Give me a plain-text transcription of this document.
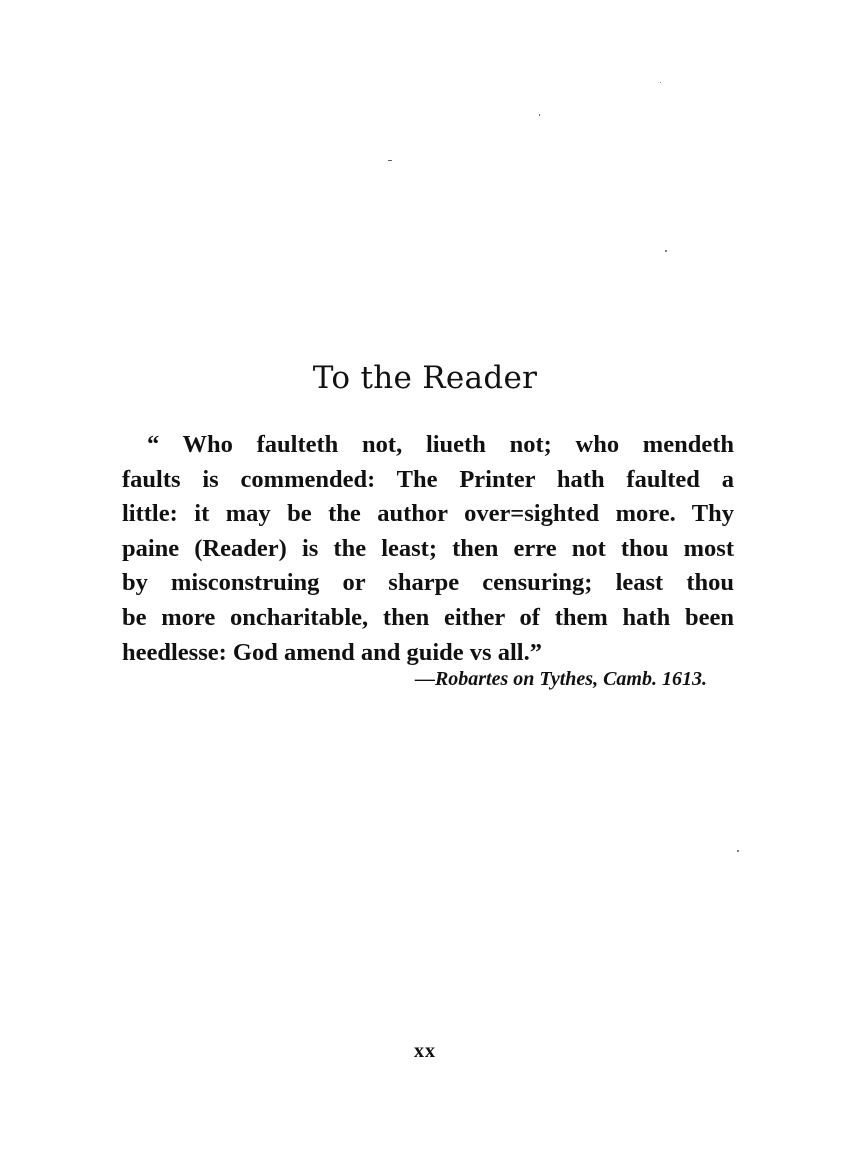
To the Reader
“ Who faulteth not, liueth not; who mendeth
faults is commended: The Printer hath faulted a
little: it may be the author over=sighted more. Thy
paine (Reader) is the least; then erre not thou most
by misconstruing or sharpe censuring; least thou
be more oncharitable, then either of them hath been
heedlesse: God amend and guide vs all.”
—Robartes on Tythes, Camb. 1613.
xx
